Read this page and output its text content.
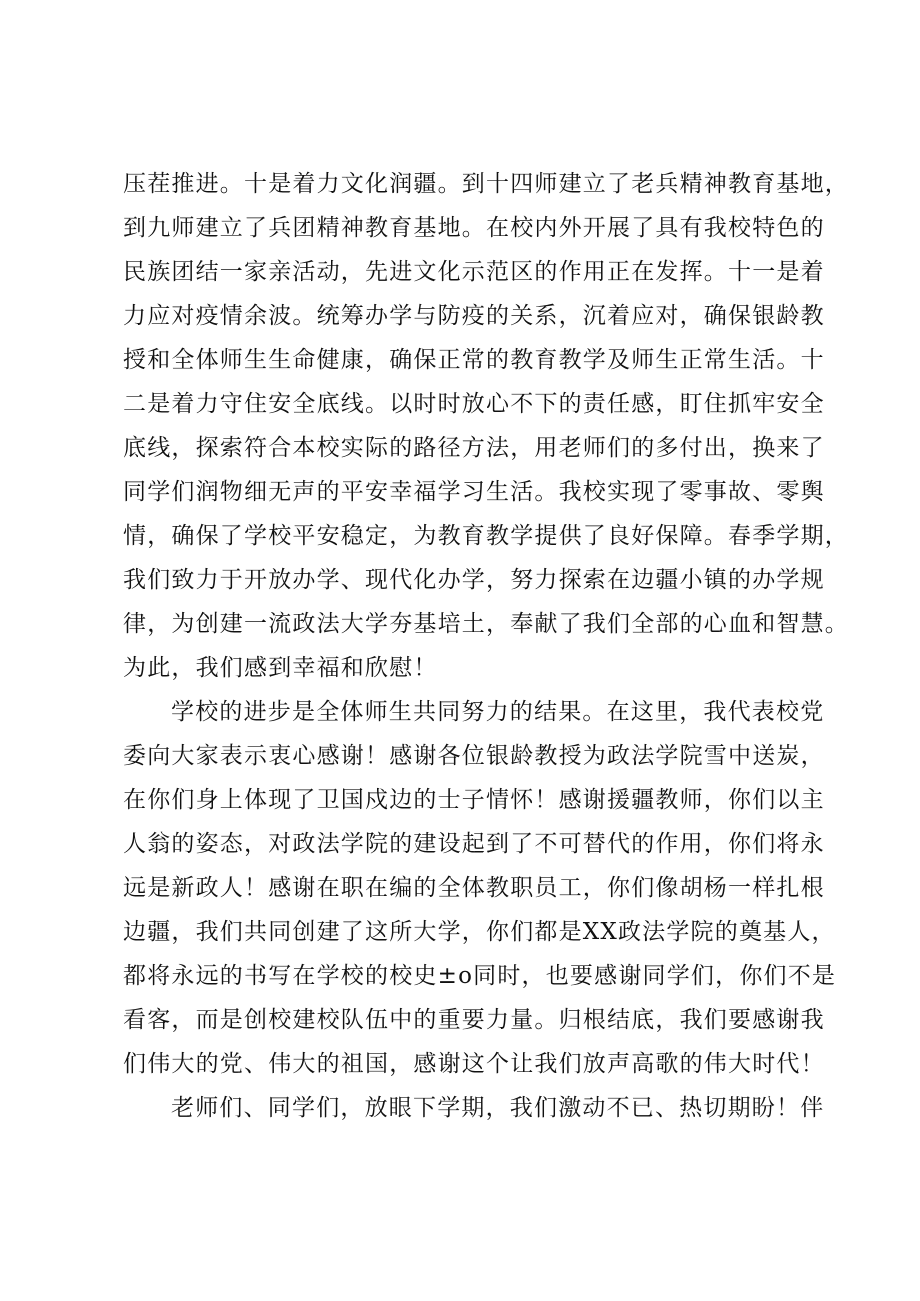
压茬推进。十是着力文化润疆。到十四师建立了老兵精神教育基地，
到九师建立了兵团精神教育基地。在校内外开展了具有我校特色的
民族团结一家亲活动，先进文化示范区的作用正在发挥。十一是着
力应对疫情余波。统筹办学与防疫的关系，沉着应对，确保银龄教
授和全体师生生命健康，确保正常的教育教学及师生正常生活。十
二是着力守住安全底线。以时时放心不下的责任感，盯住抓牢安全
底线，探索符合本校实际的路径方法，用老师们的多付出，换来了
同学们润物细无声的平安幸福学习生活。我校实现了零事故、零舆
情，确保了学校平安稳定，为教育教学提供了良好保障。春季学期，
我们致力于开放办学、现代化办学，努力探索在边疆小镇的办学规
律，为创建一流政法大学夯基培土，奉献了我们全部的心血和智慧。
为此，我们感到幸福和欣慰！
学校的进步是全体师生共同努力的结果。在这里，我代表校党
委向大家表示衷心感谢！感谢各位银龄教授为政法学院雪中送炭，
在你们身上体现了卫国戍边的士子情怀！感谢援疆教师，你们以主
人翁的姿态，对政法学院的建设起到了不可替代的作用，你们将永
远是新政人！感谢在职在编的全体教职员工，你们像胡杨一样扎根
边疆，我们共同创建了这所大学，你们都是XX政法学院的奠基人，
都将永远的书写在学校的校史±o同时，也要感谢同学们，你们不是
看客，而是创校建校队伍中的重要力量。归根结底，我们要感谢我
们伟大的党、伟大的祖国，感谢这个让我们放声高歌的伟大时代！
老师们、同学们，放眼下学期，我们激动不已、热切期盼！伴
